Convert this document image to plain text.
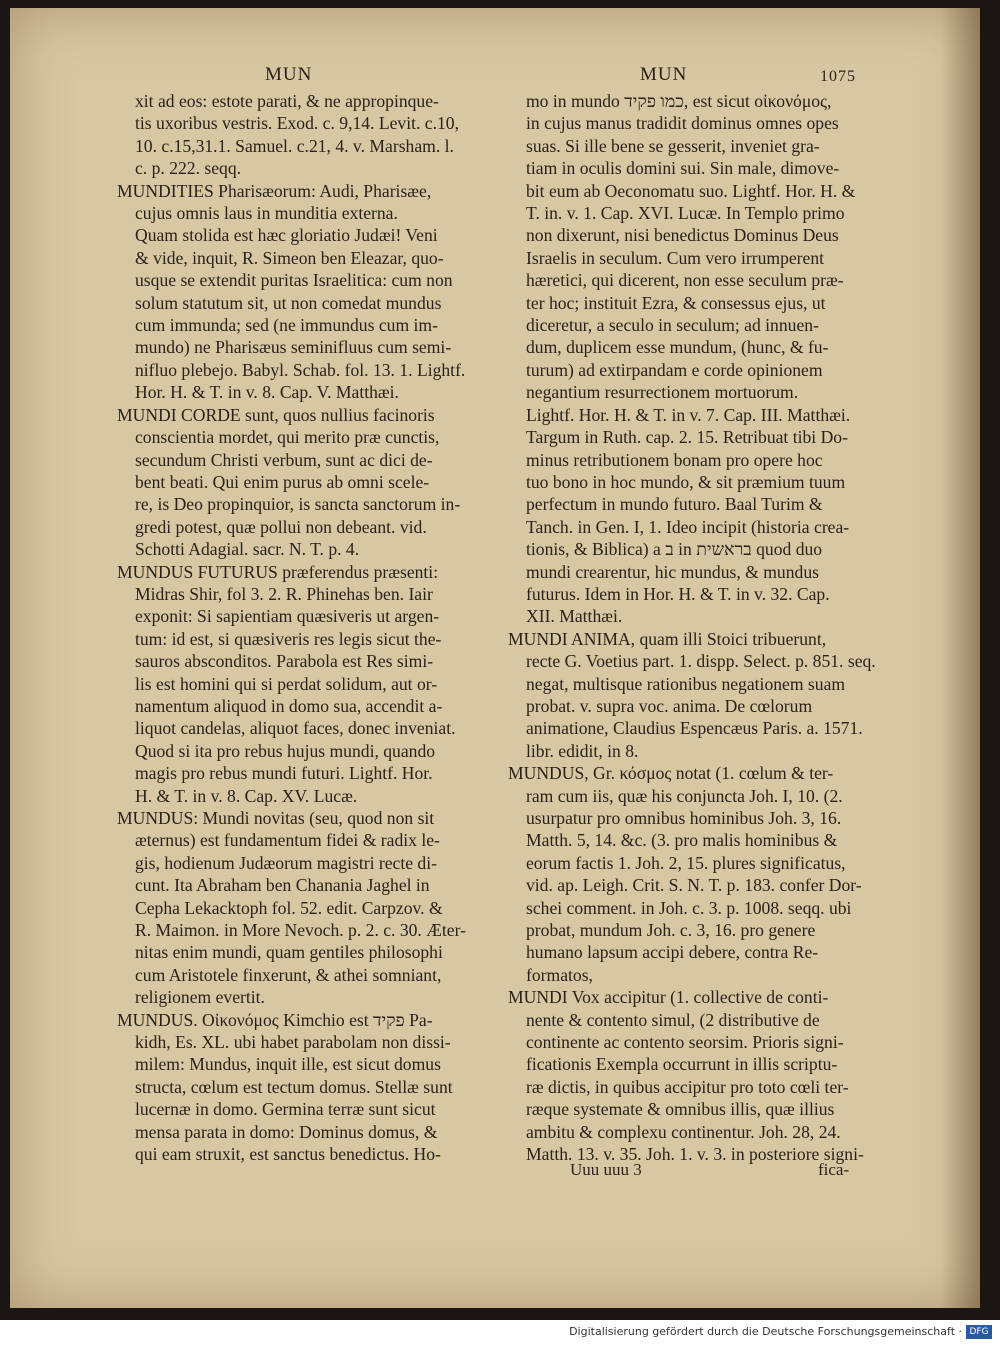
MUN	MUN	1075
xit ad eos: estote parati, & ne appropinque-
tis uxoribus vestris. Exod. c. 9,14. Levit. c.10,
10. c.15,31.1. Samuel. c.21, 4. v. Marsham. l.
c. p. 222. seqq.
MUNDITIES Pharisæorum: Audi, Pharisæe,
cujus omnis laus in munditia externa.
Quam stolida est hæc gloriatio Judæi! Veni
& vide, inquit, R. Simeon ben Eleazar, quo-
usque se extendit puritas Israelitica: cum non
solum statutum sit, ut non comedat mundus
cum immunda; sed (ne immundus cum im-
mundo) ne Pharisæus seminifluus cum semi-
nifluo plebejo. Babyl. Schab. fol. 13. 1. Lightf.
Hor. H. & T. in v. 8. Cap. V. Matthæi.
MUNDI CORDE sunt, quos nullius facinoris
conscientia mordet, qui merito præ cunctis,
secundum Christi verbum, sunt ac dici de-
bent beati. Qui enim purus ab omni scele-
re, is Deo propinquior, is sancta sanctorum in-
gredi potest, quæ pollui non debeant. vid.
Schotti Adagial. sacr. N. T. p. 4.
MUNDUS FUTURUS præferendus præsenti:
Midras Shir, fol 3. 2. R. Phinehas ben. Iair
exponit: Si sapientiam quæsiveris ut argen-
tum: id est, si quæsiveris res legis sicut the-
sauros absconditos. Parabola est Res simi-
lis est homini qui si perdat solidum, aut or-
namentum aliquod in domo sua, accendit a-
liquot candelas, aliquot faces, donec inveniat.
Quod si ita pro rebus hujus mundi, quando
magis pro rebus mundi futuri. Lightf. Hor.
H. & T. in v. 8. Cap. XV. Lucæ.
MUNDUS: Mundi novitas (seu, quod non sit
æternus) est fundamentum fidei & radix le-
gis, hodienum Judæorum magistri recte di-
cunt. Ita Abraham ben Chanania Jaghel in
Cepha Lekacktoph fol. 52. edit. Carpzov. &
R. Maimon. in More Nevoch. p. 2. c. 30. Æter-
nitas enim mundi, quam gentiles philosophi
cum Aristotele finxerunt, & athei somniant,
religionem evertit.
MUNDUS. Οἰκονόμος Kimchio est פקיד Pa-
kidh, Es. XL. ubi habet parabolam non dissi-
milem: Mundus, inquit ille, est sicut domus
structa, cœlum est tectum domus. Stellæ sunt
lucernæ in domo. Germina terræ sunt sicut
mensa parata in domo: Dominus domus, &
qui eam struxit, est sanctus benedictus. Ho-
mo in mundo כמו פקיד, est sicut οἰκονόμος,
in cujus manus tradidit dominus omnes opes
suas. Si ille bene se gesserit, inveniet gra-
tiam in oculis domini sui. Sin male, dimove-
bit eum ab Oeconomatu suo. Lightf. Hor. H. &
T. in. v. 1. Cap. XVI. Lucæ. In Templo primo
non dixerunt, nisi benedictus Dominus Deus
Israelis in seculum. Cum vero irrumperent
hæretici, qui dicerent, non esse seculum præ-
ter hoc; instituit Ezra, & consessus ejus, ut
diceretur, a seculo in seculum; ad innuen-
dum, duplicem esse mundum, (hunc, & fu-
turum) ad extirpandam e corde opinionem
negantium resurrectionem mortuorum.
Lightf. Hor. H. & T. in v. 7. Cap. III. Matthæi.
Targum in Ruth. cap. 2. 15. Retribuat tibi Do-
minus retributionem bonam pro opere hoc
tuo bono in hoc mundo, & sit præmium tuum
perfectum in mundo futuro. Baal Turim &
Tanch. in Gen. I, 1. Ideo incipit (historia crea-
tionis, & Biblica) a ב in בראשית quod duo
mundi crearentur, hic mundus, & mundus
futurus. Idem in Hor. H. & T. in v. 32. Cap.
XII. Matthæi.
MUNDI ANIMA, quam illi Stoici tribuerunt,
recte G. Voetius part. 1. dispp. Select. p. 851. seq.
negat, multisque rationibus negationem suam
probat. v. supra voc. anima. De cœlorum
animatione, Claudius Espencæus Paris. a. 1571.
libr. edidit, in 8.
MUNDUS, Gr. κόσμος notat (1. cœlum & ter-
ram cum iis, quæ his conjuncta Joh. I, 10. (2.
usurpatur pro omnibus hominibus Joh. 3, 16.
Matth. 5, 14. &c. (3. pro malis hominibus &
eorum factis 1. Joh. 2, 15. plures significatus,
vid. ap. Leigh. Crit. S. N. T. p. 183. confer Dor-
schei comment. in Joh. c. 3. p. 1008. seqq. ubi
probat, mundum Joh. c. 3, 16. pro genere
humano lapsum accipi debere, contra Re-
formatos,
MUNDI Vox accipitur (1. collective de conti-
nente & contento simul, (2 distributive de
continente ac contento seorsim. Prioris signi-
ficationis Exempla occurrunt in illis scriptu-
ræ dictis, in quibus accipitur pro toto cœli ter-
ræque systemate & omnibus illis, quæ illius
ambitu & complexu continentur. Joh. 28, 24.
Matth. 13. v. 35. Joh. 1. v. 3. in posteriore signi-
Uuu uuu 3	fica-
Digitalisierung gefördert durch die Deutsche Forschungsgemeinschaft · DFG
